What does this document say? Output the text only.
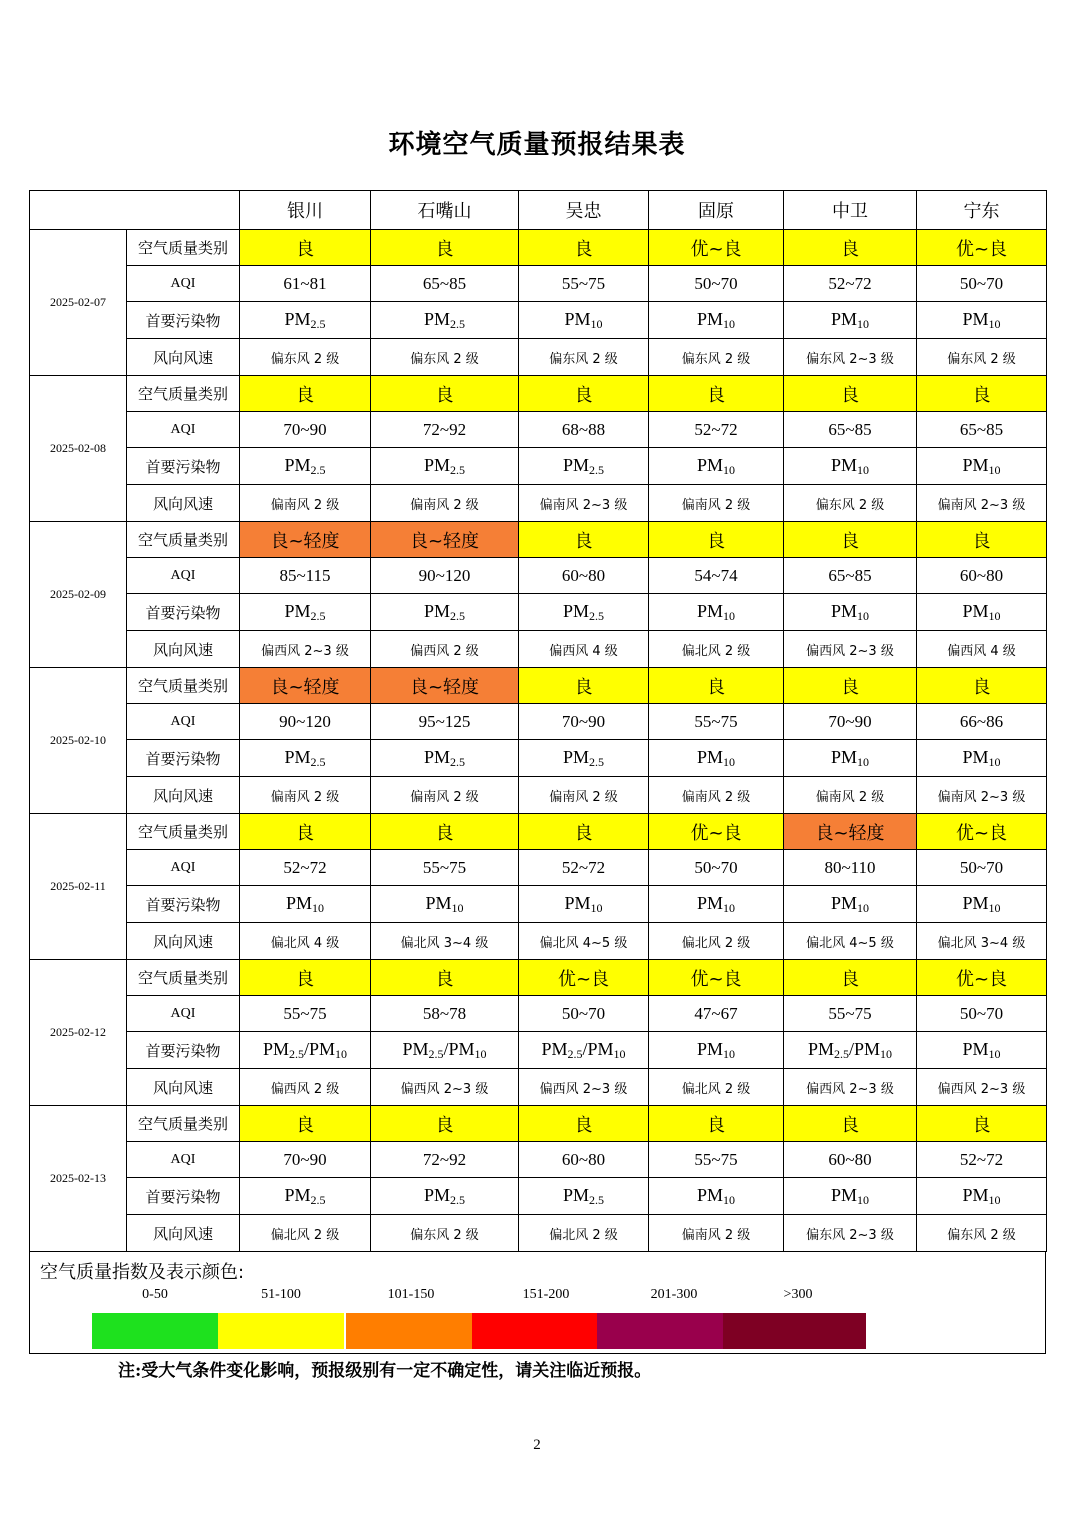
环境空气质量预报结果表
		银川	石嘴山	吴忠	固原	中卫	宁东
2025-02-07	空气质量类别	良	良	良	优~良	良	优~良
	AQI	61~81	65~85	55~75	50~70	52~72	50~70
	首要污染物	$PM_{2.5}$	$PM_{2.5}$	$PM_{10}$	$PM_{10}$	$PM_{10}$	$PM_{10}$
	风向风速	偏东风 2 级	偏东风 2 级	偏东风 2 级	偏东风 2 级	偏东风 2~3 级	偏东风 2 级
2025-02-08	空气质量类别	良	良	良	良	良	良
	AQI	70~90	72~92	68~88	52~72	65~85	65~85
	首要污染物	$PM_{2.5}$	$PM_{2.5}$	$PM_{2.5}$	$PM_{10}$	$PM_{10}$	$PM_{10}$
	风向风速	偏南风 2 级	偏南风 2 级	偏南风 2~3 级	偏南风 2 级	偏东风 2 级	偏南风 2~3 级
2025-02-09	空气质量类别	良~轻度	良~轻度	良	良	良	良
	AQI	85~115	90~120	60~80	54~74	65~85	60~80
	首要污染物	$PM_{2.5}$	$PM_{2.5}$	$PM_{2.5}$	$PM_{10}$	$PM_{10}$	$PM_{10}$
	风向风速	偏西风 2~3 级	偏西风 2 级	偏西风 4 级	偏北风 2 级	偏西风 2~3 级	偏西风 4 级
2025-02-10	空气质量类别	良~轻度	良~轻度	良	良	良	良
	AQI	90~120	95~125	70~90	55~75	70~90	66~86
	首要污染物	$PM_{2.5}$	$PM_{2.5}$	$PM_{2.5}$	$PM_{10}$	$PM_{10}$	$PM_{10}$
	风向风速	偏南风 2 级	偏南风 2 级	偏南风 2 级	偏南风 2 级	偏南风 2 级	偏南风 2~3 级
2025-02-11	空气质量类别	良	良	良	优~良	良~轻度	优~良
	AQI	52~72	55~75	52~72	50~70	80~110	50~70
	首要污染物	$PM_{10}$	$PM_{10}$	$PM_{10}$	$PM_{10}$	$PM_{10}$	$PM_{10}$
	风向风速	偏北风 4 级	偏北风 3~4 级	偏北风 4~5 级	偏北风 2 级	偏北风 4~5 级	偏北风 3~4 级
2025-02-12	空气质量类别	良	良	优~良	优~良	良	优~良
	AQI	55~75	58~78	50~70	47~67	55~75	50~70
	首要污染物	$PM_{2.5}/PM_{10}$	$PM_{2.5}/PM_{10}$	$PM_{2.5}/PM_{10}$	$PM_{10}$	$PM_{2.5}/PM_{10}$	$PM_{10}$
	风向风速	偏西风 2 级	偏西风 2~3 级	偏西风 2~3 级	偏北风 2 级	偏西风 2~3 级	偏西风 2~3 级
2025-02-13	空气质量类别	良	良	良	良	良	良
	AQI	70~90	72~92	60~80	55~75	60~80	52~72
	首要污染物	$PM_{2.5}$	$PM_{2.5}$	$PM_{2.5}$	$PM_{10}$	$PM_{10}$	$PM_{10}$
	风向风速	偏北风 2 级	偏东风 2 级	偏北风 2 级	偏南风 2 级	偏东风 2~3 级	偏东风 2 级
空气质量指数及表示颜色:
0-50	51-100	101-150	151-200	201-300	>300
注:受大气条件变化影响，预报级别有一定不确定性，请关注临近预报。
2
